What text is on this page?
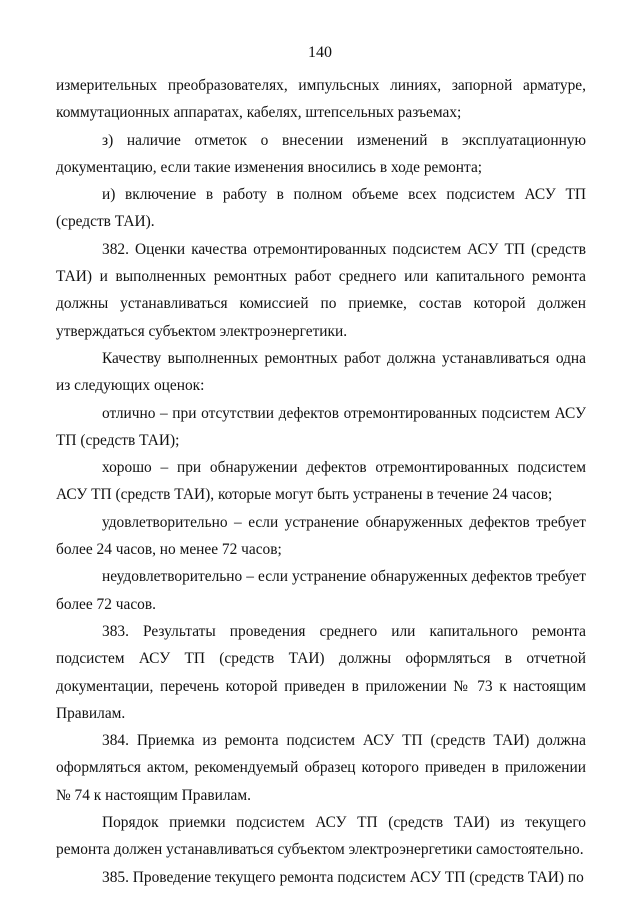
140

измерительных преобразователях, импульсных линиях, запорной арматуре, коммутационных аппаратах, кабелях, штепсельных разъемах;

з) наличие отметок о внесении изменений в эксплуатационную документацию, если такие изменения вносились в ходе ремонта;

и) включение в работу в полном объеме всех подсистем АСУ ТП (средств ТАИ).

382. Оценки качества отремонтированных подсистем АСУ ТП (средств ТАИ) и выполненных ремонтных работ среднего или капитального ремонта должны устанавливаться комиссией по приемке, состав которой должен утверждаться субъектом электроэнергетики.

Качеству выполненных ремонтных работ должна устанавливаться одна из следующих оценок:

отлично – при отсутствии дефектов отремонтированных подсистем АСУ ТП (средств ТАИ);

хорошо – при обнаружении дефектов отремонтированных подсистем АСУ ТП (средств ТАИ), которые могут быть устранены в течение 24 часов;

удовлетворительно – если устранение обнаруженных дефектов требует более 24 часов, но менее 72 часов;

неудовлетворительно – если устранение обнаруженных дефектов требует более 72 часов.

383. Результаты проведения среднего или капитального ремонта подсистем АСУ ТП (средств ТАИ) должны оформляться в отчетной документации, перечень которой приведен в приложении № 73 к настоящим Правилам.

384. Приемка из ремонта подсистем АСУ ТП (средств ТАИ) должна оформляться актом, рекомендуемый образец которого приведен в приложении № 74 к настоящим Правилам.

Порядок приемки подсистем АСУ ТП (средств ТАИ) из текущего ремонта должен устанавливаться субъектом электроэнергетики самостоятельно.

385. Проведение текущего ремонта подсистем АСУ ТП (средств ТАИ) по
